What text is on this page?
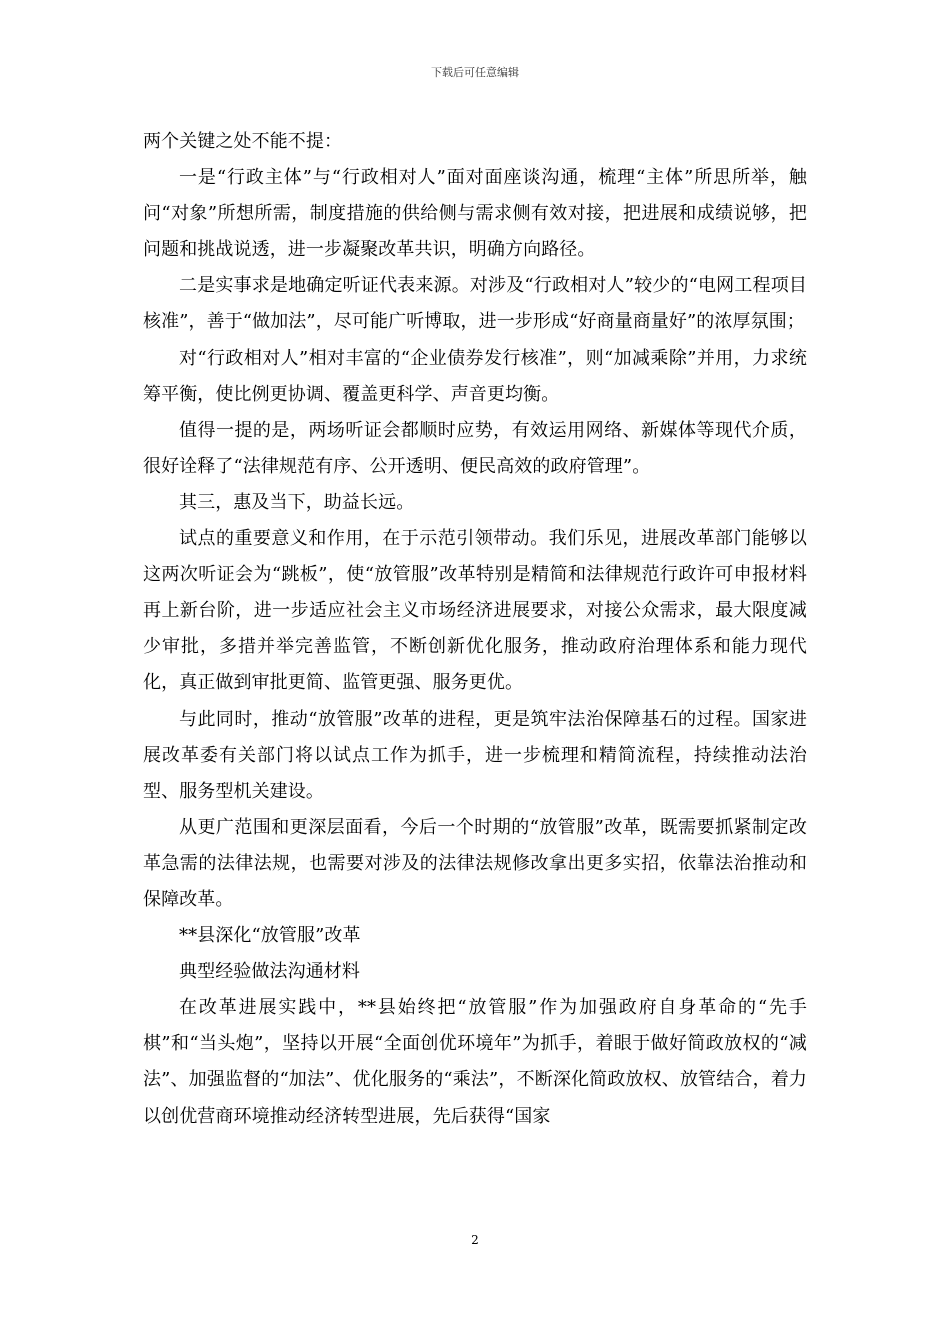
下载后可任意编辑

两个关键之处不能不提：

一是“行政主体”与“行政相对人”面对面座谈沟通，梳理“主体”所思所举，触问“对象”所想所需，制度措施的供给侧与需求侧有效对接，把进展和成绩说够，把问题和挑战说透，进一步凝聚改革共识，明确方向路径。

二是实事求是地确定听证代表来源。对涉及“行政相对人”较少的“电网工程项目核准”，善于“做加法”，尽可能广听博取，进一步形成“好商量商量好”的浓厚氛围；

对“行政相对人”相对丰富的“企业债券发行核准”，则“加减乘除”并用，力求统筹平衡，使比例更协调、覆盖更科学、声音更均衡。

值得一提的是，两场听证会都顺时应势，有效运用网络、新媒体等现代介质，很好诠释了“法律规范有序、公开透明、便民高效的政府管理”。

其三，惠及当下，助益长远。

试点的重要意义和作用，在于示范引领带动。我们乐见，进展改革部门能够以这两次听证会为“跳板”，使“放管服”改革特别是精简和法律规范行政许可申报材料再上新台阶，进一步适应社会主义市场经济进展要求，对接公众需求，最大限度减少审批，多措并举完善监管，不断创新优化服务，推动政府治理体系和能力现代化，真正做到审批更简、监管更强、服务更优。

与此同时，推动“放管服”改革的进程，更是筑牢法治保障基石的过程。国家进展改革委有关部门将以试点工作为抓手，进一步梳理和精简流程，持续推动法治型、服务型机关建设。

从更广范围和更深层面看，今后一个时期的“放管服”改革，既需要抓紧制定改革急需的法律法规，也需要对涉及的法律法规修改拿出更多实招，依靠法治推动和保障改革。

**县深化“放管服”改革

典型经验做法沟通材料

在改革进展实践中，**县始终把“放管服”作为加强政府自身革命的“先手棋”和“当头炮”，坚持以开展“全面创优环境年”为抓手，着眼于做好简政放权的“减法”、加强监督的“加法”、优化服务的“乘法”，不断深化简政放权、放管结合，着力以创优营商环境推动经济转型进展，先后获得“国家

2
